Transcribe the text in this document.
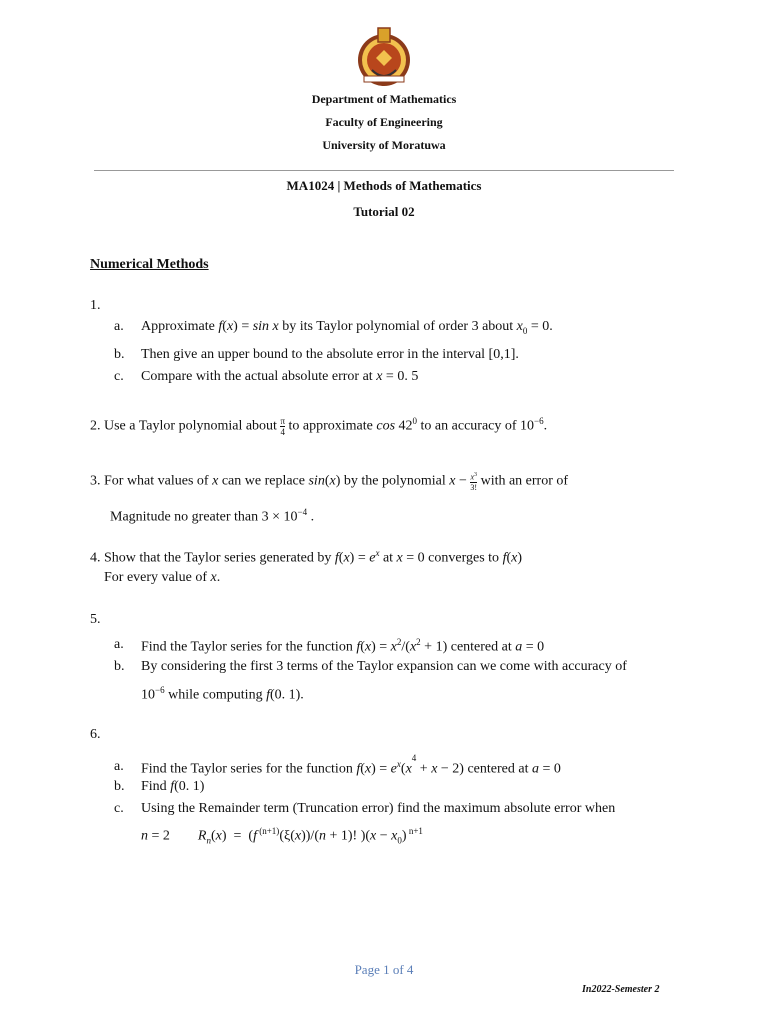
Department of Mathematics
Faculty of Engineering
University of Moratuwa
MA1024 | Methods of Mathematics
Tutorial 02
Numerical Methods
1.
a. Approximate f(x) = sin x by its Taylor polynomial of order 3 about $x_0 = 0$.
b. Then give an upper bound to the absolute error in the interval [0,1].
c. Compare with the actual absolute error at x = 0. 5
2. Use a Taylor polynomial about π

4 to approximate $\cos 42^0$ to an accuracy of $10^{-6}$.
3. For what values of x can we replace sin(x) by the polynomial $x - x^3$

3! with an error of
Magnitude no greater than $3 \times 10^{-4}$ .
4. Show that the Taylor series generated by $f(x) = e^x$ at x = 0 converges to f(x)
For every value of x.
5.
a. Find the Taylor series for the function $f(x) = x^2/(x^2 + 1)$ centered at a = 0
b. By considering the first 3 terms of the Taylor expansion can we come with accuracy of
$10^{-6}$ while computing f(0. 1).
6.
a. Find the Taylor series for the function $f(x) = e^x(x^4 + x - 2)$ centered at a = 0
b. Find f(0. 1)
c. Using the Remainder term (Truncation error) find the maximum absolute error when
n = 2        $R_n(x) = (f$ $^{(n+1)}$(ξ(x))/(n + 1)! )$(x - x_0)$ $^{n+1}$
Page 1 of 4
In2022-Semester 2
